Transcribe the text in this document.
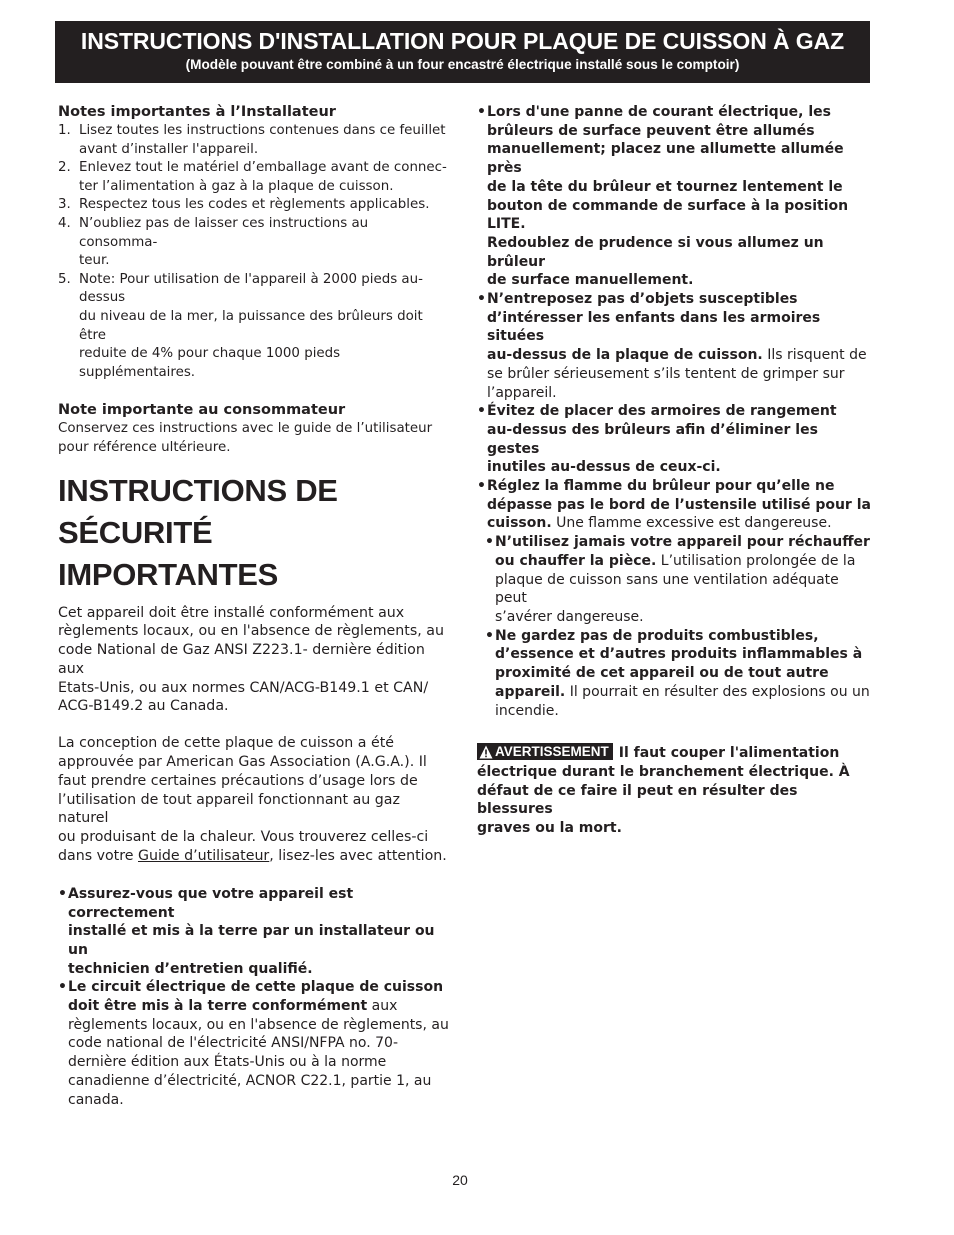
INSTRUCTIONS D'INSTALLATION POUR PLAQUE DE CUISSON À GAZ
(Modèle pouvant être combiné à un four encastré électrique installé sous le comptoir)

Notes importantes à l’Installateur

1. Lisez toutes les instructions contenues dans ce feuillet
avant d’installer l'appareil.
2. Enlevez tout le matériel d’emballage avant de connec-
ter l’alimentation à gaz à la plaque de cuisson.
3. Respectez tous les codes et règlements applicables.
4. N’oubliez pas de laisser ces instructions au consomma-
teur.
5. Note: Pour utilisation de l'appareil à 2000 pieds au-dessus
du niveau de la mer, la puissance des brûleurs doit être
reduite de 4% pour chaque 1000 pieds supplémentaires.

Note importante au consommateur

Conservez ces instructions avec le guide de l’utilisateur
pour référence ultérieure.
INSTRUCTIONS DE SÉCURITÉ
IMPORTANTES
Cet appareil doit être installé conformément aux
règlements locaux, ou en l'absence de règlements, au
code National de Gaz ANSI Z223.1- dernière édition aux
Etats-Unis, ou aux normes CAN/ACG-B149.1 et CAN/
ACG-B149.2 au Canada.
La conception de cette plaque de cuisson a été
approuvée par American Gas Association (A.G.A.). Il
faut prendre certaines précautions d’usage lors de
l’utilisation de tout appareil fonctionnant au gaz naturel
ou produisant de la chaleur. Vous trouverez celles-ci
dans votre Guide d’utilisateur, lisez-les avec attention.
• Assurez-vous que votre appareil est correctement
installé et mis à la terre par un installateur ou un
technicien d’entretien qualifié.
• Le circuit électrique de cette plaque de cuisson
doit être mis à la terre conformément aux
règlements locaux, ou en l'absence de règlements, au
code national de l'électricité ANSI/NFPA no. 70-
dernière édition aux États-Unis ou à la norme
canadienne d’électricité, ACNOR C22.1, partie 1, au
canada.
• Lors d'une panne de courant électrique, les
brûleurs de surface peuvent être allumés
manuellement; placez une allumette allumée près
de la tête du brûleur et tournez lentement le
bouton de commande de surface à la position LITE.
Redoublez de prudence si vous allumez un brûleur
de surface manuellement.
• N’entreposez pas d’objets susceptibles
d’intéresser les enfants dans les armoires situées
au-dessus de la plaque de cuisson. Ils risquent de
se brûler sérieusement s’ils tentent de grimper sur
l’appareil.
• Évitez de placer des armoires de rangement
au-dessus des brûleurs afin d’éliminer les gestes
inutiles au-dessus de ceux-ci.
• Réglez la flamme du brûleur pour qu’elle ne
dépasse pas le bord de l’ustensile utilisé pour la
cuisson. Une flamme excessive est dangereuse.
• N’utilisez jamais votre appareil pour réchauffer
ou chauffer la pièce. L’utilisation prolongée de la
plaque de cuisson sans une ventilation adéquate peut
s’avérer dangereuse.
• Ne gardez pas de produits combustibles,
d’essence et d’autres produits inflammables à
proximité de cet appareil ou de tout autre
appareil. Il pourrait en résulter des explosions ou un
incendie.
AVERTISSEMENT Il faut couper l'alimentation
électrique durant le branchement électrique. À
défaut de ce faire il peut en résulter des blessures
graves ou la mort.
20
